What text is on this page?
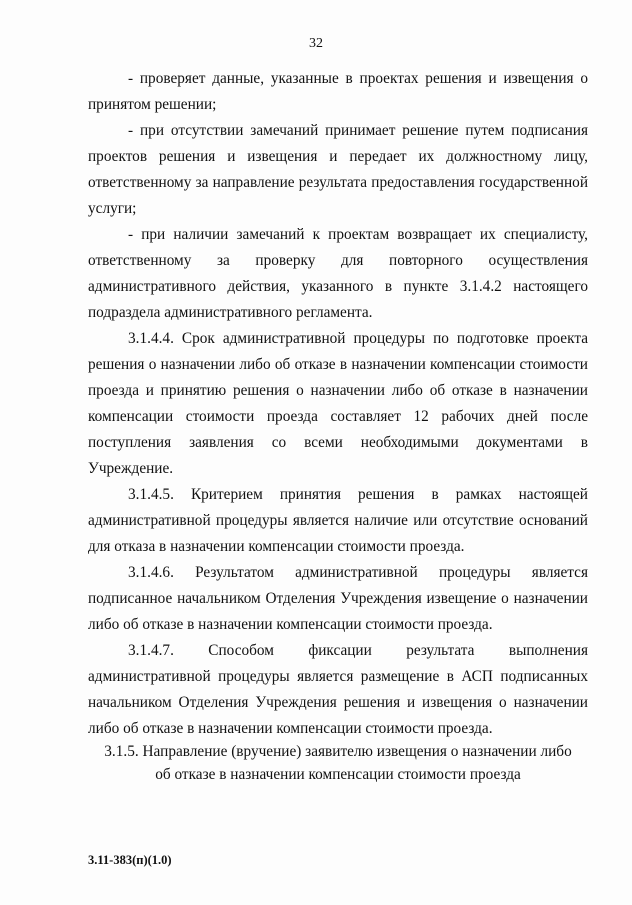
32

- проверяет данные, указанные в проектах решения и извещения о принятом решении;

- при отсутствии замечаний принимает решение путем подписания проектов решения и извещения и передает их должностному лицу, ответственному за направление результата предоставления государственной услуги;

- при наличии замечаний к проектам возвращает их специалисту, ответственному за проверку для повторного осуществления административного действия, указанного в пункте 3.1.4.2 настоящего подраздела административного регламента.

3.1.4.4. Срок административной процедуры по подготовке проекта решения о назначении либо об отказе в назначении компенсации стоимости проезда и принятию решения о назначении либо об отказе в назначении компенсации стоимости проезда составляет 12 рабочих дней после поступления заявления со всеми необходимыми документами в Учреждение.

3.1.4.5. Критерием принятия решения в рамках настоящей административной процедуры является наличие или отсутствие оснований для отказа в назначении компенсации стоимости проезда.

3.1.4.6. Результатом административной процедуры является подписанное начальником Отделения Учреждения извещение о назначении либо об отказе в назначении компенсации стоимости проезда.

3.1.4.7. Способом фиксации результата выполнения административной процедуры является размещение в АСП подписанных начальником Отделения Учреждения решения и извещения о назначении либо об отказе в назначении компенсации стоимости проезда.

3.1.5. Направление (вручение) заявителю извещения о назначении либо
об отказе в назначении компенсации стоимости проезда
3.11-383(п)(1.0)
